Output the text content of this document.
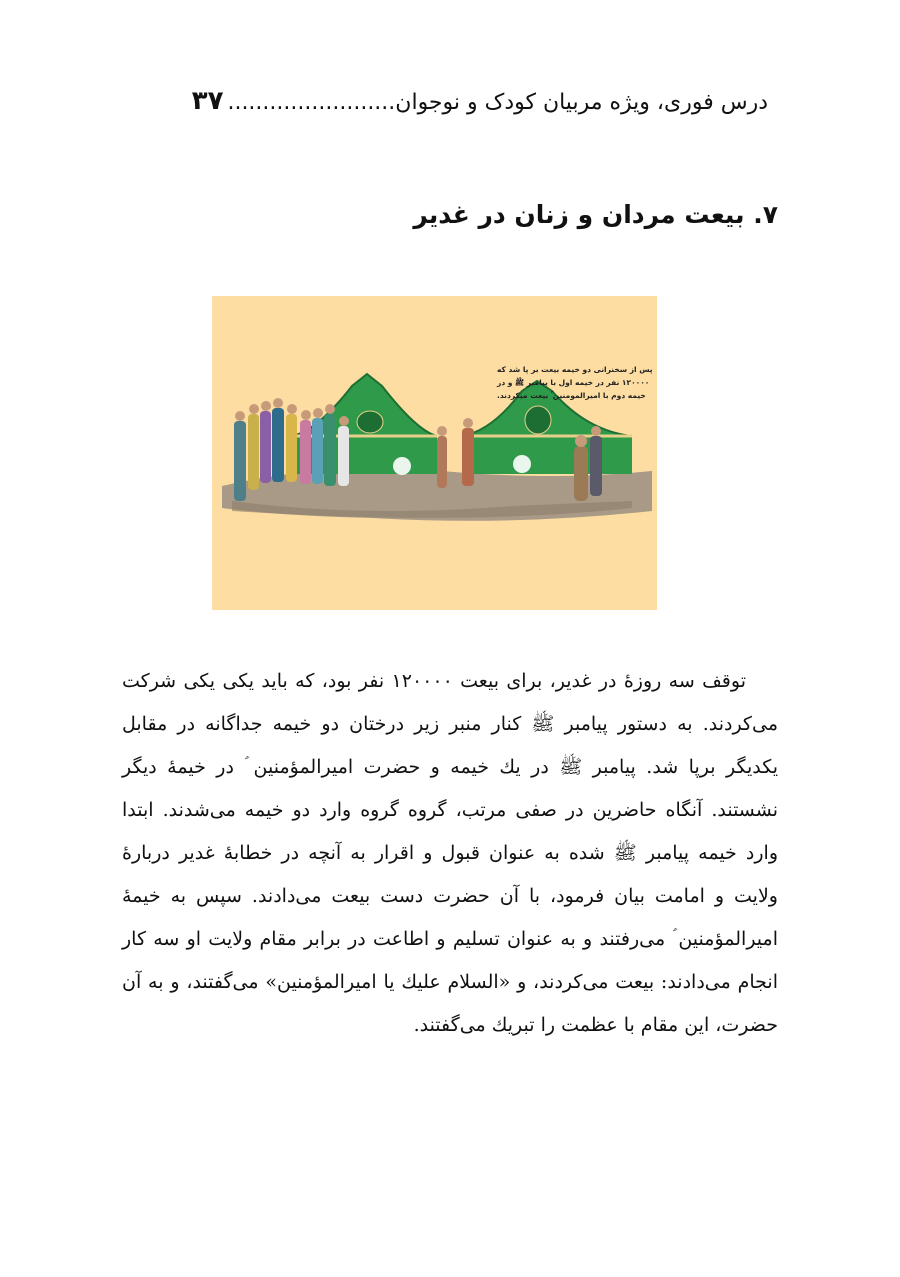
درس فوری، ویژه مربیان کودک و نوجوان
........................
۳۷
۷. بیعت مردان و زنان در غدیر
پس از سخنرانی دو خیمه بیعت بر پا شد که
۱۲۰۰۰۰ نفر در خیمه اول با پیامبر ﷺ و در
خیمه دوم با امیرالمومنین ؑ بیعت میکردند.

توقف سه روزهٔ در غدیر، برای بیعت ۱۲۰۰۰۰ نفر بود، که باید یکی یکی شرکت می‌کردند. به دستور پیامبر ﷺ کنار منبر زیر درختان دو خیمه جداگانه در مقابل یکدیگر برپا شد. پیامبر ﷺ در یك خیمه و حضرت امیرالمؤمنین ؑ در خیمهٔ دیگر نشستند. آنگاه حاضرین در صفی مرتب، گروه گروه وارد دو خیمه می‌شدند. ابتدا وارد خیمه پیامبر ﷺ شده به عنوان قبول و اقرار به آنچه در خطابهٔ غدیر دربارهٔ ولایت و امامت بیان فرمود، با آن حضرت دست بیعت می‌دادند. سپس به خیمهٔ امیرالمؤمنین ؑ می‌رفتند و به عنوان تسلیم و اطاعت در برابر مقام ولایت او سه کار انجام می‌دادند: بیعت می‌کردند، و «السلام علیك یا امیرالمؤمنین» می‌گفتند، و به آن حضرت، این مقام با عظمت را تبریك می‌گفتند.
